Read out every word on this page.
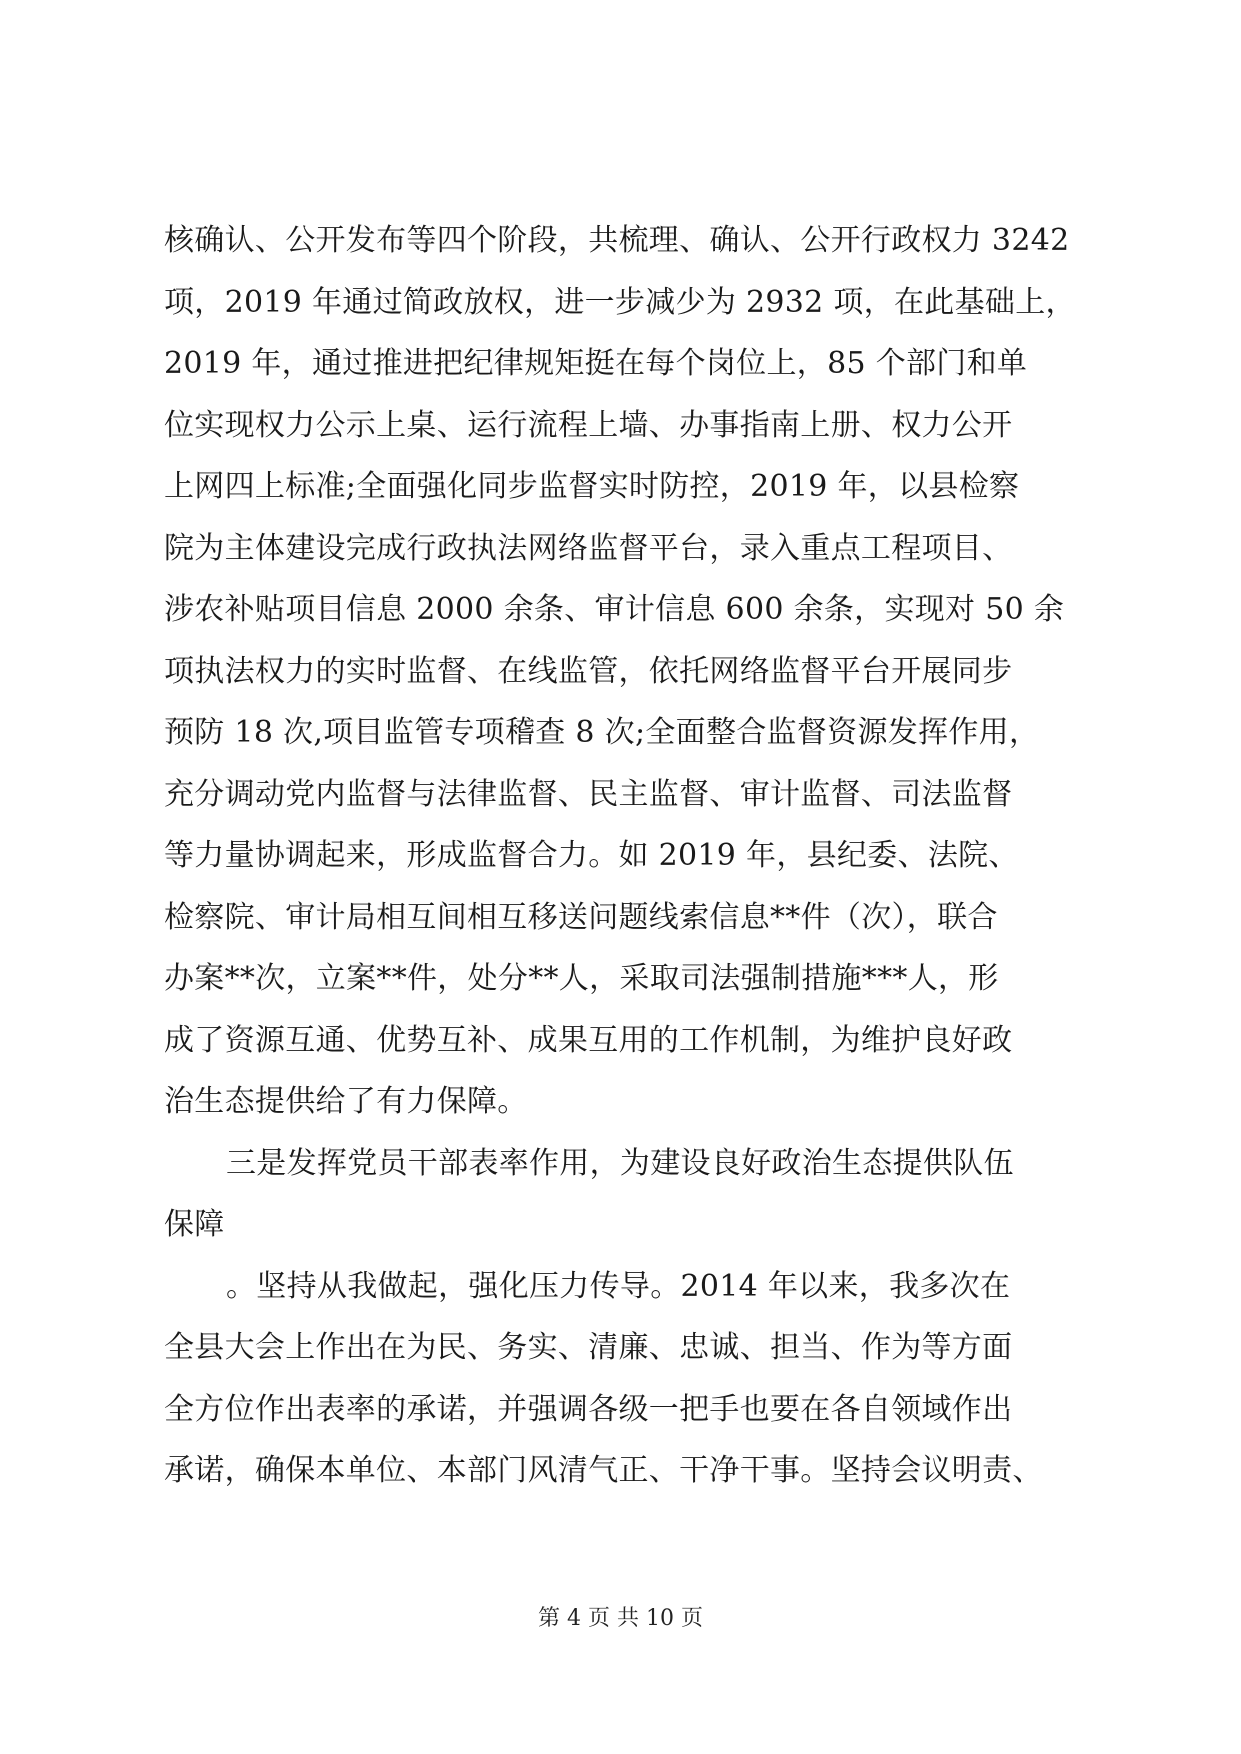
核确认、公开发布等四个阶段，共梳理、确认、公开行政权力 3242
项，2019 年通过简政放权，进一步减少为 2932 项，在此基础上，
2019 年，通过推进把纪律规矩挺在每个岗位上，85 个部门和单
位实现权力公示上桌、运行流程上墙、办事指南上册、权力公开
上网四上标准;全面强化同步监督实时防控，2019 年，以县检察
院为主体建设完成行政执法网络监督平台，录入重点工程项目、
涉农补贴项目信息 2000 余条、审计信息 600 余条，实现对 50 余
项执法权力的实时监督、在线监管，依托网络监督平台开展同步
预防 18 次,项目监管专项稽查 8 次;全面整合监督资源发挥作用，
充分调动党内监督与法律监督、民主监督、审计监督、司法监督
等力量协调起来，形成监督合力。如 2019 年，县纪委、法院、
检察院、审计局相互间相互移送问题线索信息**件（次），联合
办案**次，立案**件，处分**人，采取司法强制措施***人，形
成了资源互通、优势互补、成果互用的工作机制，为维护良好政
治生态提供给了有力保障。
三是发挥党员干部表率作用，为建设良好政治生态提供队伍
保障
。坚持从我做起，强化压力传导。2014 年以来，我多次在
全县大会上作出在为民、务实、清廉、忠诚、担当、作为等方面
全方位作出表率的承诺，并强调各级一把手也要在各自领域作出
承诺，确保本单位、本部门风清气正、干净干事。坚持会议明责、
第 4 页 共 10 页
